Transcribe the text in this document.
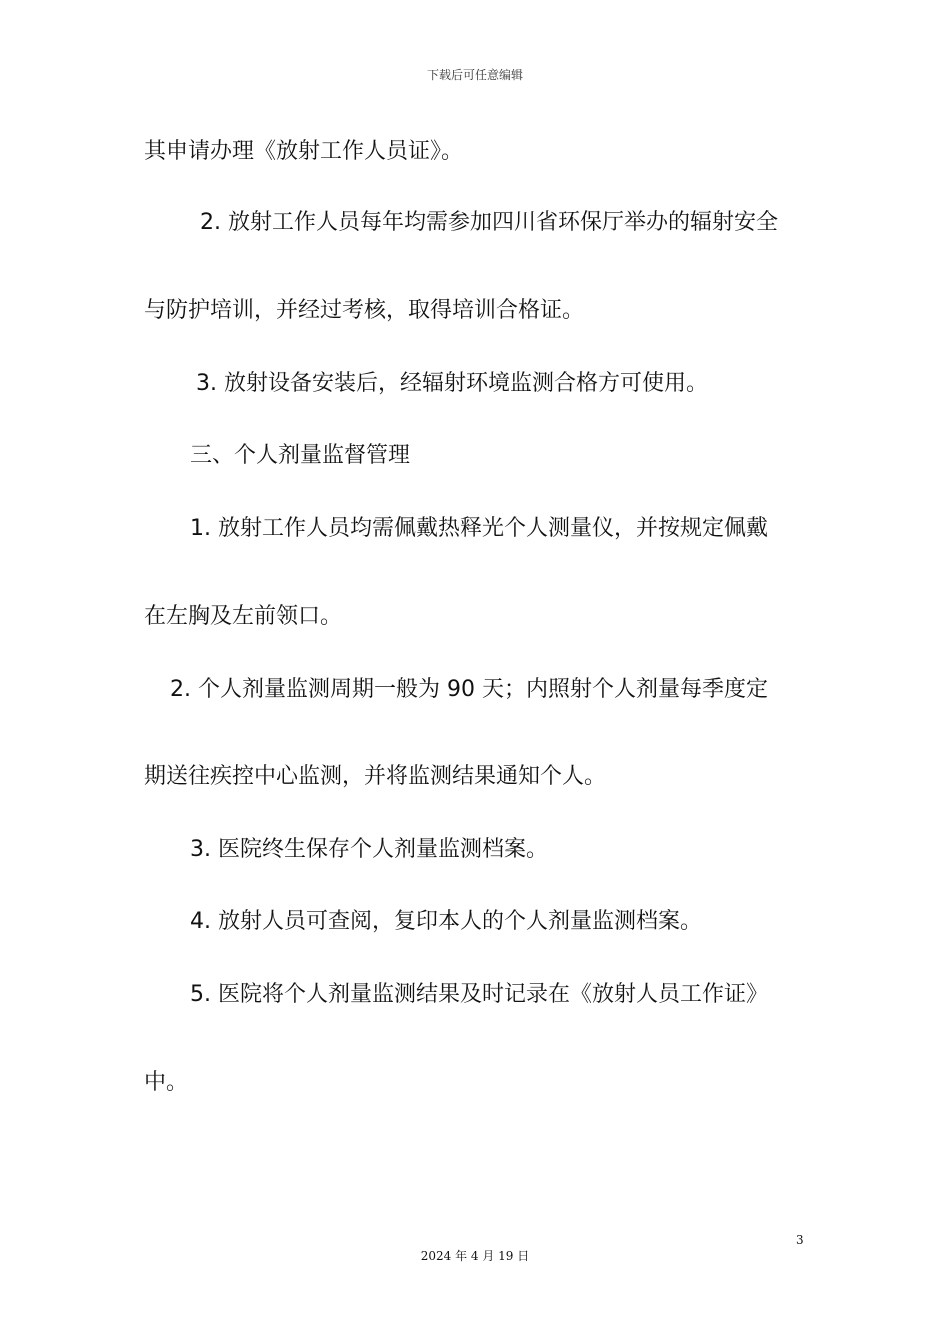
下载后可任意编辑
其申请办理《放射工作人员证》。
2. 放射工作人员每年均需参加四川省环保厅举办的辐射安全
与防护培训，并经过考核，取得培训合格证。
3. 放射设备安装后，经辐射环境监测合格方可使用。
三、个人剂量监督管理
1. 放射工作人员均需佩戴热释光个人测量仪，并按规定佩戴
在左胸及左前领口。
2. 个人剂量监测周期一般为 90 天；内照射个人剂量每季度定
期送往疾控中心监测，并将监测结果通知个人。
3. 医院终生保存个人剂量监测档案。
4. 放射人员可查阅，复印本人的个人剂量监测档案。
5. 医院将个人剂量监测结果及时记录在《放射人员工作证》
中。
3
2024 年 4 月 19 日
